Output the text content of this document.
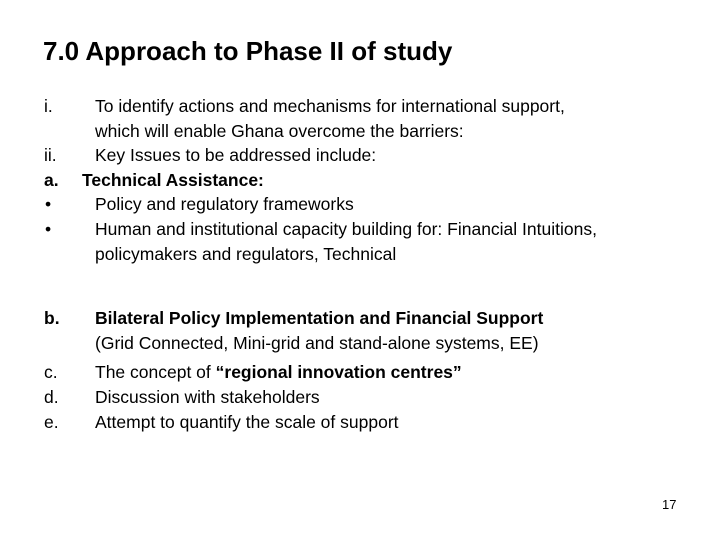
7.0 Approach to Phase II of study
i. To identify actions and mechanisms for international support,
which will enable Ghana overcome the barriers:
ii. Key Issues to be addressed include:
a. Technical Assistance:
•	Policy and regulatory frameworks
•	Human and institutional capacity building for: Financial Intuitions,
policymakers and regulators, Technical
b. Bilateral Policy Implementation and Financial Support
(Grid Connected, Mini-grid and stand-alone systems, EE)
c. The concept of “regional innovation centres”
d. Discussion with stakeholders
e. Attempt to quantify the scale of support
17
